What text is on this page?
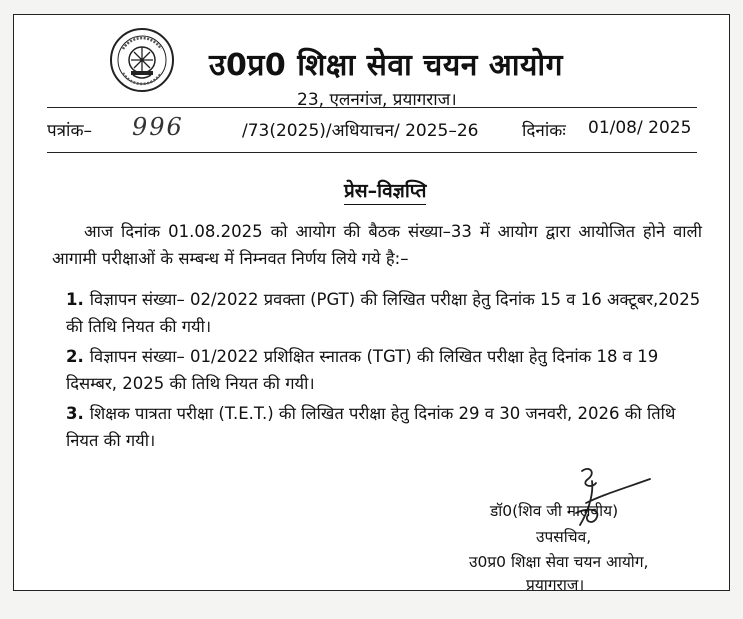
उ0प्र0 शिक्षा सेवा चयन आयोग
23, एलनगंज, प्रयागराज।
पत्रांक– 996	/73(2025)/अधियाचन/ 2025–26	दिनांकः 01/08/ 2025
प्रेस–विज्ञप्ति
आज दिनांक 01.08.2025 को आयोग की बैठक संख्या–33 में आयोग द्वारा आयोजित होने वाली आगामी परीक्षाओं के सम्बन्ध में निम्नवत निर्णय लिये गये है:–
1. विज्ञापन संख्या– 02/2022 प्रवक्ता (PGT) की लिखित परीक्षा हेतु दिनांक 15 व 16 अक्टूबर,2025 की तिथि नियत की गयी।
2. विज्ञापन संख्या– 01/2022 प्रशिक्षित स्नातक (TGT) की लिखित परीक्षा हेतु दिनांक 18 व 19 दिसम्बर, 2025 की तिथि नियत की गयी।
3. शिक्षक पात्रता परीक्षा (T.E.T.) की लिखित परीक्षा हेतु दिनांक 29 व 30 जनवरी, 2026 की तिथि नियत की गयी।
डॉ0(शिव जी मालवीय)
उपसचिव,
उ0प्र0 शिक्षा सेवा चयन आयोग,
प्रयागराज।
